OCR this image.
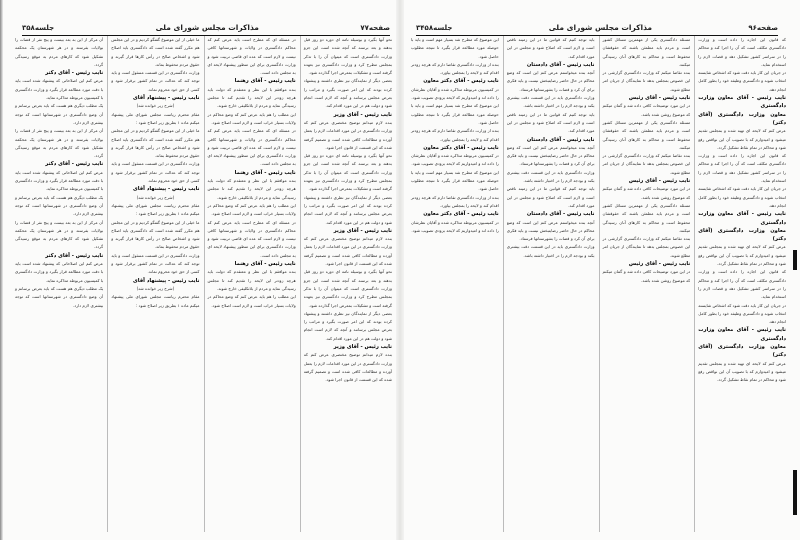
صفحه۷۷
مذاکرات مجلس شورای ملی
جلسه۳۵۸

نحو آنها بگیرد و بوسیله نامه ای دوره دو روز قبل بدهند و بعد برسند که آنچه شده است این جزو وزارت دادگستری است که میتوان آن را با تذکر بمجلس مطرح کرد و وزارت دادگستری نیز بعهده گرفته است و تشکیلات بمعرض اجرا گذارده شود.

بعضی دیگر از نمایندگان نیز نظری داشتند و پیشنهاد کرده بودند که این امر صورت بگیرد و مراتب را بعرض مجلس برسانند و آنچه که لازم است انجام شود و دولت هم در این مورد اقدام کند.

نایب رئیس - آقای وزیر

بنده لازم میدانم توضیح مختصری عرض کنم که وزارت دادگستری در این مورد اقدامات لازم را بعمل آورده و مطالعات کافی شده است و تصمیم گرفته شده که این قسمت از قانون اجرا شود.

نحو آنها بگیرد و بوسیله نامه ای دوره دو روز قبل بدهند و بعد برسند که آنچه شده است این جزو وزارت دادگستری است که میتوان آن را با تذکر بمجلس مطرح کرد و وزارت دادگستری نیز بعهده گرفته است و تشکیلات بمعرض اجرا گذارده شود.

بعضی دیگر از نمایندگان نیز نظری داشتند و پیشنهاد کرده بودند که این امر صورت بگیرد و مراتب را بعرض مجلس برسانند و آنچه که لازم است انجام شود و دولت هم در این مورد اقدام کند.

نایب رئیس - آقای وزیر

بنده لازم میدانم توضیح مختصری عرض کنم که وزارت دادگستری در این مورد اقدامات لازم را بعمل آورده و مطالعات کافی شده است و تصمیم گرفته شده که این قسمت از قانون اجرا شود.

نحو آنها بگیرد و بوسیله نامه ای دوره دو روز قبل بدهند و بعد برسند که آنچه شده است این جزو وزارت دادگستری است که میتوان آن را با تذکر بمجلس مطرح کرد و وزارت دادگستری نیز بعهده گرفته است و تشکیلات بمعرض اجرا گذارده شود.

بعضی دیگر از نمایندگان نیز نظری داشتند و پیشنهاد کرده بودند که این امر صورت بگیرد و مراتب را بعرض مجلس برسانند و آنچه که لازم است انجام شود و دولت هم در این مورد اقدام کند.

نایب رئیس - آقای وزیر

بنده لازم میدانم توضیح مختصری عرض کنم که وزارت دادگستری در این مورد اقدامات لازم را بعمل آورده و مطالعات کافی شده است و تصمیم گرفته شده که این قسمت از قانون اجرا شود.

در مسئله ای که مطرح است باید عرض کنم که محاکم دادگستری در ولایات و شهرستانها کافی نیست و لازم است که عده ای قاضی تربیت شود و وزارت دادگستری برای این منظور پیشنهاد لایحه ای به مجلس داده است.

نایب رئیس - آقای رهنما

بنده موافقم با این نظر و معتقدم که دولت باید هرچه زودتر این لایحه را تقدیم کند تا مجلس رسیدگی نماید و مردم از بلاتکلیفی خارج شوند.

این مطلب را هم باید عرض کنم که وضع محاکم در ولایات بسیار خراب است و لازم است اصلاح شود.

در مسئله ای که مطرح است باید عرض کنم که محاکم دادگستری در ولایات و شهرستانها کافی نیست و لازم است که عده ای قاضی تربیت شود و وزارت دادگستری برای این منظور پیشنهاد لایحه ای به مجلس داده است.

نایب رئیس - آقای رهنما

بنده موافقم با این نظر و معتقدم که دولت باید هرچه زودتر این لایحه را تقدیم کند تا مجلس رسیدگی نماید و مردم از بلاتکلیفی خارج شوند.

این مطلب را هم باید عرض کنم که وضع محاکم در ولایات بسیار خراب است و لازم است اصلاح شود.

در مسئله ای که مطرح است باید عرض کنم که محاکم دادگستری در ولایات و شهرستانها کافی نیست و لازم است که عده ای قاضی تربیت شود و وزارت دادگستری برای این منظور پیشنهاد لایحه ای به مجلس داده است.

نایب رئیس - آقای رهنما

بنده موافقم با این نظر و معتقدم که دولت باید هرچه زودتر این لایحه را تقدیم کند تا مجلس رسیدگی نماید و مردم از بلاتکلیفی خارج شوند.

این مطلب را هم باید عرض کنم که وضع محاکم در ولایات بسیار خراب است و لازم است اصلاح شود.

ما خیلی از این موضوع گفتگو کردیم و در این مجلس هم مکرر گفته شده است که دادگستری باید اصلاح شود و اشخاص صالح در رأس کارها قرار گیرند و حقوق مردم محفوظ بماند.

وزارت دادگستری در این قسمت مسئول است و باید توجه کند که عدالت در تمام کشور برقرار شود و کسی از حق خود محروم نماند.

نایب رئیس - پیشنهاد آقای

(شرح زیر خوانده شد)

مقام محترم ریاست مجلس شورای ملی پیشنهاد میکنم ماده ۱ بطریق زیر اصلاح شود :

ما خیلی از این موضوع گفتگو کردیم و در این مجلس هم مکرر گفته شده است که دادگستری باید اصلاح شود و اشخاص صالح در رأس کارها قرار گیرند و حقوق مردم محفوظ بماند.

وزارت دادگستری در این قسمت مسئول است و باید توجه کند که عدالت در تمام کشور برقرار شود و کسی از حق خود محروم نماند.

نایب رئیس - پیشنهاد آقای

(شرح زیر خوانده شد)

مقام محترم ریاست مجلس شورای ملی پیشنهاد میکنم ماده ۱ بطریق زیر اصلاح شود :

ما خیلی از این موضوع گفتگو کردیم و در این مجلس هم مکرر گفته شده است که دادگستری باید اصلاح شود و اشخاص صالح در رأس کارها قرار گیرند و حقوق مردم محفوظ بماند.

وزارت دادگستری در این قسمت مسئول است و باید توجه کند که عدالت در تمام کشور برقرار شود و کسی از حق خود محروم نماند.

نایب رئیس - پیشنهاد آقای

(شرح زیر خوانده شد)

مقام محترم ریاست مجلس شورای ملی پیشنهاد میکنم ماده ۱ بطریق زیر اصلاح شود :

آن مرکز از این به بعد بیست و پنج نفر از قضات را بولایات بفرستد و در هر شهرستان یک محکمه تشکیل شود که کارهای مردم به موقع رسیدگی گردد.

نایب رئیس - آقای دکتر

عرض کنم این اصلاحاتی که پیشنهاد شده است باید با دقت مورد مطالعه قرار بگیرد و وزارت دادگستری با کمیسیون مربوطه مذاکره نماید.

یک مطلب دیگری هم هست که باید بعرض برسانم و آن وضع دادگستری در شهرستانها است که توجه بیشتری لازم دارد.

آن مرکز از این به بعد بیست و پنج نفر از قضات را بولایات بفرستد و در هر شهرستان یک محکمه تشکیل شود که کارهای مردم به موقع رسیدگی گردد.

نایب رئیس - آقای دکتر

عرض کنم این اصلاحاتی که پیشنهاد شده است باید با دقت مورد مطالعه قرار بگیرد و وزارت دادگستری با کمیسیون مربوطه مذاکره نماید.

یک مطلب دیگری هم هست که باید بعرض برسانم و آن وضع دادگستری در شهرستانها است که توجه بیشتری لازم دارد.

آن مرکز از این به بعد بیست و پنج نفر از قضات را بولایات بفرستد و در هر شهرستان یک محکمه تشکیل شود که کارهای مردم به موقع رسیدگی گردد.

نایب رئیس - آقای دکتر

عرض کنم این اصلاحاتی که پیشنهاد شده است باید با دقت مورد مطالعه قرار بگیرد و وزارت دادگستری با کمیسیون مربوطه مذاکره نماید.

یک مطلب دیگری هم هست که باید بعرض برسانم و آن وضع دادگستری در شهرستانها است که توجه بیشتری لازم دارد.

صفحه۹۶
مذاکرات مجلس شورای ملی
جلسه۳۴۵۸

که قانون این اجازه را داده است و وزارت دادگستری مکلف است که آن را اجرا کند و محاکم را در سراسر کشور تشکیل دهد و قضات لازم را استخدام نماید.

در جریان این کار باید دقت شود که اشخاص شایسته انتخاب شوند و دادگستری وظیفه خود را بطور کامل انجام دهد.

نایب رئیس - آقای معاون وزارت دادگستری

معاون وزارت دادگستری (آقای دکتر)

عرض کنم که لایحه ای تهیه شده و بمجلس تقدیم میشود و امیدوارم که با تصویب آن این نواقص رفع شود و محاکم در تمام نقاط تشکیل گردد.

که قانون این اجازه را داده است و وزارت دادگستری مکلف است که آن را اجرا کند و محاکم را در سراسر کشور تشکیل دهد و قضات لازم را استخدام نماید.

در جریان این کار باید دقت شود که اشخاص شایسته انتخاب شوند و دادگستری وظیفه خود را بطور کامل انجام دهد.

نایب رئیس - آقای معاون وزارت دادگستری

معاون وزارت دادگستری (آقای دکتر)

عرض کنم که لایحه ای تهیه شده و بمجلس تقدیم میشود و امیدوارم که با تصویب آن این نواقص رفع شود و محاکم در تمام نقاط تشکیل گردد.

که قانون این اجازه را داده است و وزارت دادگستری مکلف است که آن را اجرا کند و محاکم را در سراسر کشور تشکیل دهد و قضات لازم را استخدام نماید.

در جریان این کار باید دقت شود که اشخاص شایسته انتخاب شوند و دادگستری وظیفه خود را بطور کامل انجام دهد.

نایب رئیس - آقای معاون وزارت دادگستری

معاون وزارت دادگستری (آقای دکتر)

عرض کنم که لایحه ای تهیه شده و بمجلس تقدیم میشود و امیدوارم که با تصویب آن این نواقص رفع شود و محاکم در تمام نقاط تشکیل گردد.

مسئله دادگستری یکی از مهمترین مسائل کشور است و مردم باید مطمئن باشند که حقوقشان محفوظ است و محاکم به کارهای آنان رسیدگی میکنند.

بنده تقاضا میکنم که وزارت دادگستری گزارشی در این خصوص بمجلس بدهد تا نمایندگان از جریان امر مطلع شوند.

نایب رئیس - آقای رئیس

در این مورد توضیحات کافی داده شد و گمان میکنم که موضوع روشن شده باشد.

مسئله دادگستری یکی از مهمترین مسائل کشور است و مردم باید مطمئن باشند که حقوقشان محفوظ است و محاکم به کارهای آنان رسیدگی میکنند.

بنده تقاضا میکنم که وزارت دادگستری گزارشی در این خصوص بمجلس بدهد تا نمایندگان از جریان امر مطلع شوند.

نایب رئیس - آقای رئیس

در این مورد توضیحات کافی داده شد و گمان میکنم که موضوع روشن شده باشد.

مسئله دادگستری یکی از مهمترین مسائل کشور است و مردم باید مطمئن باشند که حقوقشان محفوظ است و محاکم به کارهای آنان رسیدگی میکنند.

بنده تقاضا میکنم که وزارت دادگستری گزارشی در این خصوص بمجلس بدهد تا نمایندگان از جریان امر مطلع شوند.

نایب رئیس - آقای رئیس

در این مورد توضیحات کافی داده شد و گمان میکنم که موضوع روشن شده باشد.

باید توجه کنیم که قوانین ما در این زمینه ناقص است و لازم است که اصلاح شود و مجلس در این مورد اقدام کند.

نایب رئیس - آقای دادستان

آنچه بنده میخواستم عرض کنم این است که وضع محاکم در حال حاضر رضایتبخش نیست و باید فکری برای آن کرد و قضات را بشهرستانها فرستاد.

وزارت دادگستری باید در این قسمت دقت بیشتری بکند و بودجه لازم را در اختیار داشته باشد.

باید توجه کنیم که قوانین ما در این زمینه ناقص است و لازم است که اصلاح شود و مجلس در این مورد اقدام کند.

نایب رئیس - آقای دادستان

آنچه بنده میخواستم عرض کنم این است که وضع محاکم در حال حاضر رضایتبخش نیست و باید فکری برای آن کرد و قضات را بشهرستانها فرستاد.

وزارت دادگستری باید در این قسمت دقت بیشتری بکند و بودجه لازم را در اختیار داشته باشد.

باید توجه کنیم که قوانین ما در این زمینه ناقص است و لازم است که اصلاح شود و مجلس در این مورد اقدام کند.

نایب رئیس - آقای دادستان

آنچه بنده میخواستم عرض کنم این است که وضع محاکم در حال حاضر رضایتبخش نیست و باید فکری برای آن کرد و قضات را بشهرستانها فرستاد.

وزارت دادگستری باید در این قسمت دقت بیشتری بکند و بودجه لازم را در اختیار داشته باشد.

این موضوع که مطرح شد بسیار مهم است و باید با حوصله مورد مطالعه قرار بگیرد تا نتیجه مطلوب حاصل شود.

بنده از وزارت دادگستری تقاضا دارم که هرچه زودتر اقدام کند و لایحه را بمجلس بیاورد.

نایب رئیس - آقای دکتر معاون

در کمیسیون مربوطه مذاکره شده و آقایان نظرشان را داده اند و امیدواریم که لایحه بزودی تصویب شود.

این موضوع که مطرح شد بسیار مهم است و باید با حوصله مورد مطالعه قرار بگیرد تا نتیجه مطلوب حاصل شود.

بنده از وزارت دادگستری تقاضا دارم که هرچه زودتر اقدام کند و لایحه را بمجلس بیاورد.

نایب رئیس - آقای دکتر معاون

در کمیسیون مربوطه مذاکره شده و آقایان نظرشان را داده اند و امیدواریم که لایحه بزودی تصویب شود.

این موضوع که مطرح شد بسیار مهم است و باید با حوصله مورد مطالعه قرار بگیرد تا نتیجه مطلوب حاصل شود.

بنده از وزارت دادگستری تقاضا دارم که هرچه زودتر اقدام کند و لایحه را بمجلس بیاورد.

نایب رئیس - آقای دکتر معاون

در کمیسیون مربوطه مذاکره شده و آقایان نظرشان را داده اند و امیدواریم که لایحه بزودی تصویب شود.
